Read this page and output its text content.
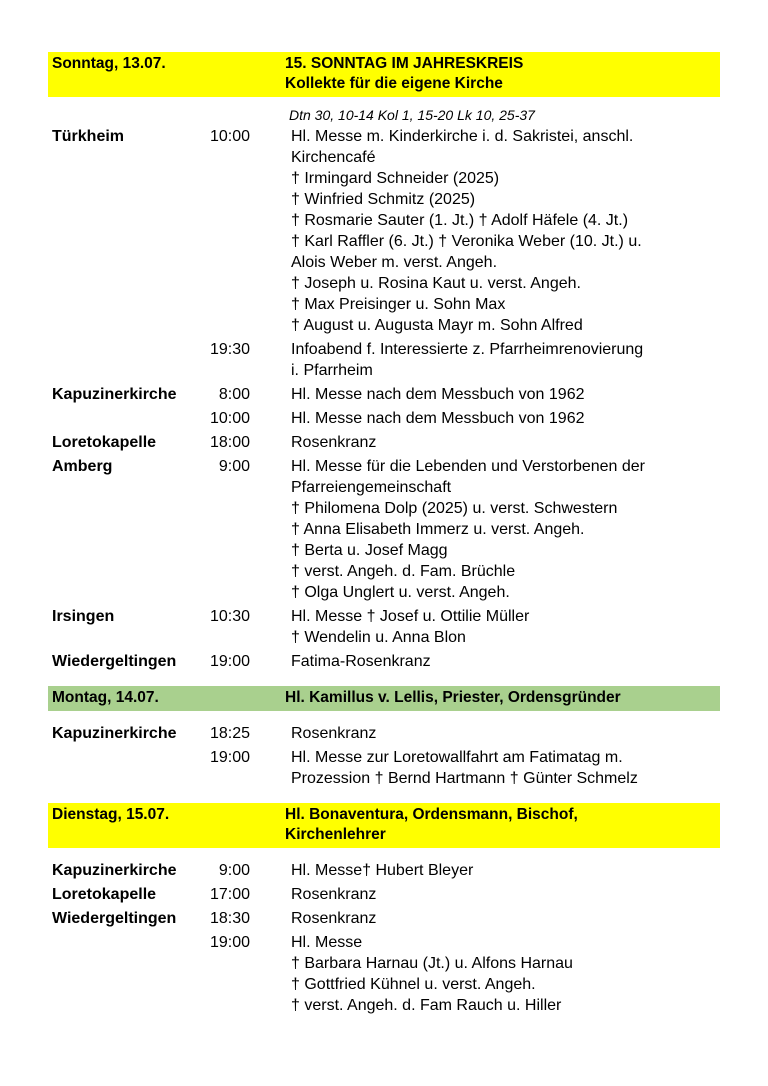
Sonntag, 13.07.	15. SONNTAG IM JAHRESKREIS
Kollekte für die eigene Kirche
Dtn 30, 10-14 Kol 1, 15-20 Lk 10, 25-37
Türkheim	10:00	Hl. Messe m. Kinderkirche i. d. Sakristei, anschl.
Kirchencafé
† Irmingard Schneider (2025)
† Winfried Schmitz (2025)
† Rosmarie Sauter (1. Jt.) † Adolf Häfele (4. Jt.)
† Karl Raffler (6. Jt.) † Veronika Weber (10. Jt.) u.
Alois Weber m. verst. Angeh.
† Joseph u. Rosina Kaut u. verst. Angeh.
† Max Preisinger u. Sohn Max
† August u. Augusta Mayr m. Sohn Alfred
19:30	Infoabend f. Interessierte z. Pfarrheimrenovierung
i. Pfarrheim
Kapuzinerkirche	8:00	Hl. Messe nach dem Messbuch von 1962
10:00	Hl. Messe nach dem Messbuch von 1962
Loretokapelle	18:00	Rosenkranz
Amberg	9:00	Hl. Messe für die Lebenden und Verstorbenen der
Pfarreiengemeinschaft
† Philomena Dolp (2025) u. verst. Schwestern
† Anna Elisabeth Immerz u. verst. Angeh.
† Berta u. Josef Magg
† verst. Angeh. d. Fam. Brüchle
† Olga Unglert u. verst. Angeh.
Irsingen	10:30	Hl. Messe † Josef u. Ottilie Müller
† Wendelin u. Anna Blon
Wiedergeltingen	19:00	Fatima-Rosenkranz
Montag, 14.07.	Hl. Kamillus v. Lellis, Priester, Ordensgründer
Kapuzinerkirche	18:25	Rosenkranz
19:00	Hl. Messe zur Loretowallfahrt am Fatimatag m.
Prozession † Bernd Hartmann † Günter Schmelz
Dienstag, 15.07.	Hl. Bonaventura, Ordensmann, Bischof,
Kirchenlehrer
Kapuzinerkirche	9:00	Hl. Messe† Hubert Bleyer
Loretokapelle	17:00	Rosenkranz
Wiedergeltingen	18:30	Rosenkranz
19:00	Hl. Messe
† Barbara Harnau (Jt.) u. Alfons Harnau
† Gottfried Kühnel u. verst. Angeh.
† verst. Angeh. d. Fam Rauch u. Hiller
